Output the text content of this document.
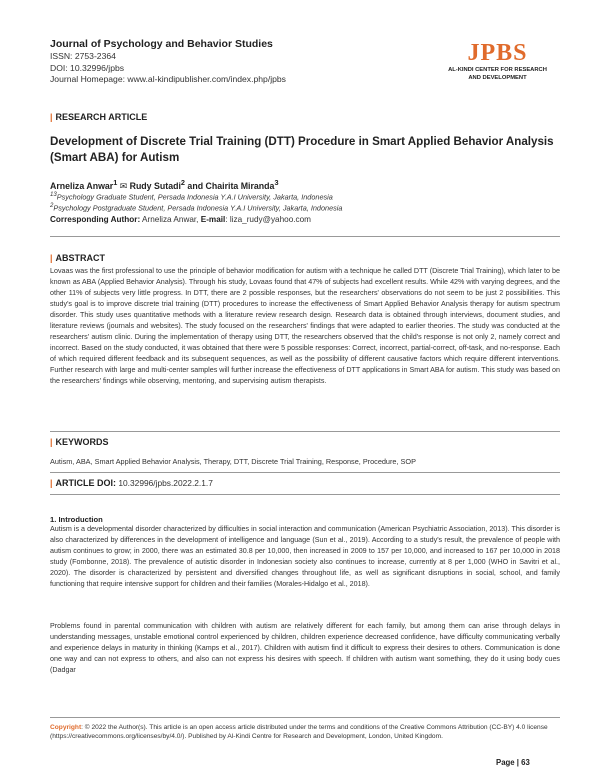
Journal of Psychology and Behavior Studies
ISSN: 2753-2364
DOI: 10.32996/jpbs
Journal Homepage: www.al-kindipublisher.com/index.php/jpbs
JPBS
AL-KINDI CENTER FOR RESEARCH
AND DEVELOPMENT
| RESEARCH ARTICLE
Development of Discrete Trial Training (DTT) Procedure in Smart Applied Behavior Analysis (Smart ABA) for Autism
Arneliza Anwar$^1$ ✉ Rudy Sutadi$^2$ and Chairita Miranda$^3$
$^{13}$Psychology Graduate Student, Persada Indonesia Y.A.I University, Jakarta, Indonesia
$^2$Psychology Postgraduate Student, Persada Indonesia Y.A.I University, Jakarta, Indonesia
Corresponding Author: Arneliza Anwar, E-mail: liza_rudy@yahoo.com
| ABSTRACT
Lovaas was the first professional to use the principle of behavior modification for autism with a technique he called DTT (Discrete Trial Training), which later to be known as ABA (Applied Behavior Analysis). Through his study, Lovaas found that 47% of subjects had excellent results. While 42% with varying degrees, and the other 11% of subjects very little progress. In DTT, there are 2 possible responses, but the researchers' observations do not seem to be just 2 possibilities. This study's goal is to improve discrete trial training (DTT) procedures to increase the effectiveness of Smart Applied Behavior Analysis therapy for autism spectrum disorder. This study uses quantitative methods with a literature review research design. Research data is obtained through interviews, document studies, and literature reviews (journals and websites). The study focused on the researchers' findings that were adapted to earlier theories. The study was conducted at the researchers' autism clinic. During the implementation of therapy using DTT, the researchers observed that the child's response is not only 2, namely correct and incorrect. Based on the study conducted, it was obtained that there were 5 possible responses: Correct, incorrect, partial-correct, off-task, and no-response. Each of which required different feedback and its subsequent sequences, as well as the possibility of different causative factors which require different interventions. Further research with large and multi-center samples will further increase the effectiveness of DTT applications in Smart ABA for autism. This study was based on the researchers' findings while observing, mentoring, and supervising autism therapists.
| KEYWORDS
Autism, ABA, Smart Applied Behavior Analysis, Therapy, DTT, Discrete Trial Training, Response, Procedure, SOP
| ARTICLE DOI: 10.32996/jpbs.2022.2.1.7
1. Introduction
Autism is a developmental disorder characterized by difficulties in social interaction and communication (American Psychiatric Association, 2013). This disorder is also characterized by differences in the development of intelligence and language (Sun et al., 2019). According to a study's result, the prevalence of people with autism continues to grow; in 2000, there was an estimated 30.8 per 10,000, then increased in 2009 to 157 per 10,000, and increased to 167 per 10,000 in 2018 study (Fombonne, 2018). The prevalence of autistic disorder in Indonesian society also continues to increase, currently at 8 per 1,000 (WHO in Savitri et al., 2020). The disorder is characterized by persistent and diversified changes throughout life, as well as significant disruptions in social, school, and family functioning that require intensive support for children and their families (Morales-Hidalgo et al., 2018).
Problems found in parental communication with children with autism are relatively different for each family, but among them can arise through delays in understanding messages, unstable emotional control experienced by children, children experience decreased confidence, have difficulty communicating verbally and experience delays in maturity in thinking (Kamps et al., 2017). Children with autism find it difficult to express their desires to others. Communication is done one way and can not express to others, and also can not express his desires with speech. If children with autism want something, they do it using body cues (Dadgar
Copyright: © 2022 the Author(s). This article is an open access article distributed under the terms and conditions of the Creative Commons Attribution (CC-BY) 4.0 license (https://creativecommons.org/licenses/by/4.0/). Published by Al-Kindi Centre for Research and Development, London, United Kingdom.
Page | 63
